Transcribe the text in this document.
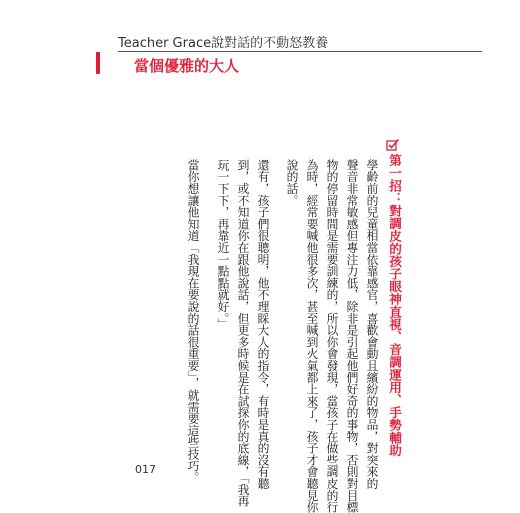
Teacher Grace說對話的不動怒教養
當個優雅的大人
第一招：對調皮的孩子眼神直視、音調運用、手勢輔助
學齡前的兒童相當依靠感官，喜歡會動且繽紛的物品，對突來的
聲音非常敏感但專注力低，除非是引起他們好奇的事物，否則對目標
物的停留時間是需要訓練的，所以你會發現，當孩子在做些調皮的行
為時，經常要喊他很多次，甚至喊到火氣都上來了，孩子才會聽見你
說的話。
還有，孩子們很聰明，他不理睬大人的指令，有時是真的沒有聽
到，或不知道你在跟他說話，但更多時候是在試探你的底線，「我再
玩一下下，再靠近一點點就好。」
當你想讓他知道「我現在要說的話很重要」，就需要這些技巧。
017
